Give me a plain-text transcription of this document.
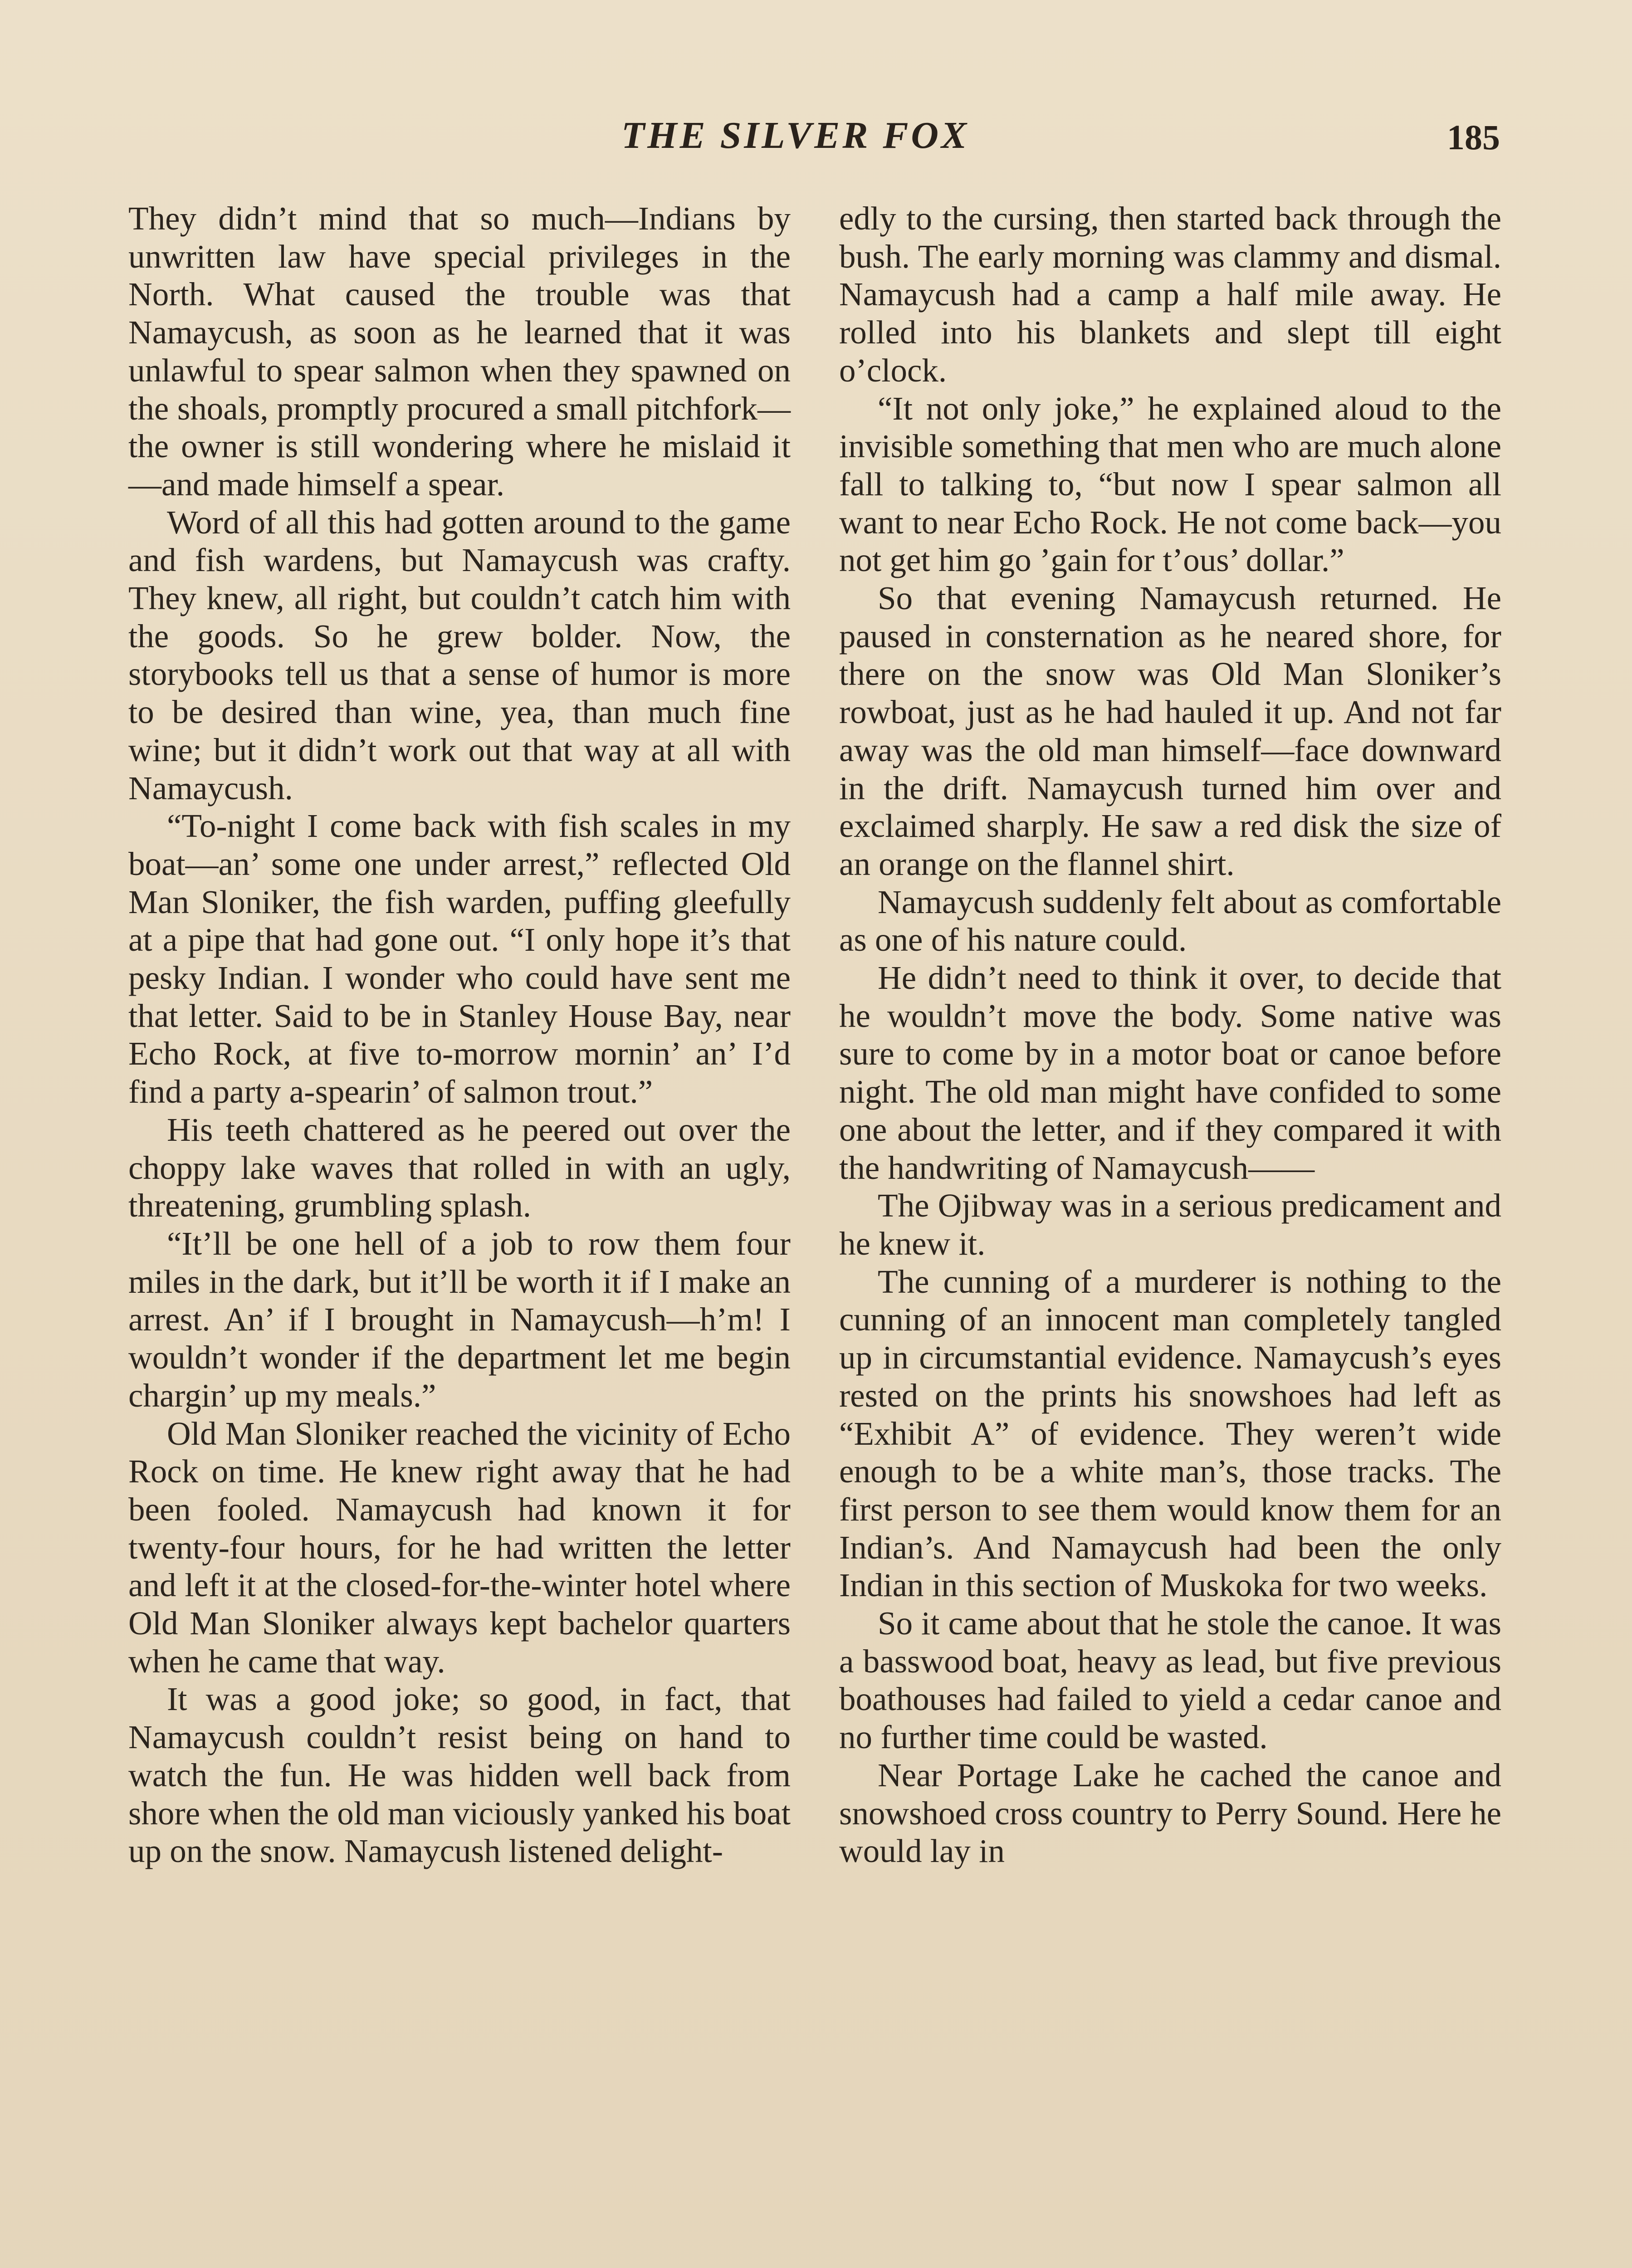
THE SILVER FOX	185

They didn’t mind that so much—Indians by unwritten law have special privileges in the North. What caused the trouble was that Namaycush, as soon as he learned that it was unlawful to spear salmon when they spawned on the shoals, promptly procured a small pitchfork—the owner is still wondering where he mislaid it—and made himself a spear.

Word of all this had gotten around to the game and fish wardens, but Namaycush was crafty. They knew, all right, but couldn’t catch him with the goods. So he grew bolder. Now, the storybooks tell us that a sense of humor is more to be desired than wine, yea, than much fine wine; but it didn’t work out that way at all with Namaycush.

“To-night I come back with fish scales in my boat—an’ some one under arrest,” reflected Old Man Sloniker, the fish warden, puffing gleefully at a pipe that had gone out. “I only hope it’s that pesky Indian. I wonder who could have sent me that letter. Said to be in Stanley House Bay, near Echo Rock, at five to-morrow mornin’ an’ I’d find a party a-spearin’ of salmon trout.”

His teeth chattered as he peered out over the choppy lake waves that rolled in with an ugly, threatening, grumbling splash.

“It’ll be one hell of a job to row them four miles in the dark, but it’ll be worth it if I make an arrest. An’ if I brought in Namaycush—h’m! I wouldn’t wonder if the department let me begin chargin’ up my meals.”

Old Man Sloniker reached the vicinity of Echo Rock on time. He knew right away that he had been fooled. Namaycush had known it for twenty-four hours, for he had written the letter and left it at the closed-for-the-winter hotel where Old Man Sloniker always kept bachelor quarters when he came that way.

It was a good joke; so good, in fact, that Namaycush couldn’t resist being on hand to watch the fun. He was hidden well back from shore when the old man viciously yanked his boat up on the snow. Namaycush listened delight-

edly to the cursing, then started back through the bush. The early morning was clammy and dismal. Namaycush had a camp a half mile away. He rolled into his blankets and slept till eight o’clock.

“It not only joke,” he explained aloud to the invisible something that men who are much alone fall to talking to, “but now I spear salmon all want to near Echo Rock. He not come back—you not get him go ’gain for t’ous’ dollar.”

So that evening Namaycush returned. He paused in consternation as he neared shore, for there on the snow was Old Man Sloniker’s rowboat, just as he had hauled it up. And not far away was the old man himself—face downward in the drift. Namaycush turned him over and exclaimed sharply. He saw a red disk the size of an orange on the flannel shirt.

Namaycush suddenly felt about as comfortable as one of his nature could.

He didn’t need to think it over, to decide that he wouldn’t move the body. Some native was sure to come by in a motor boat or canoe before night. The old man might have confided to some one about the letter, and if they compared it with the handwriting of Namaycush——

The Ojibway was in a serious predicament and he knew it.

The cunning of a murderer is nothing to the cunning of an innocent man completely tangled up in circumstantial evidence. Namaycush’s eyes rested on the prints his snowshoes had left as “Exhibit A” of evidence. They weren’t wide enough to be a white man’s, those tracks. The first person to see them would know them for an Indian’s. And Namaycush had been the only Indian in this section of Muskoka for two weeks.

So it came about that he stole the canoe. It was a basswood boat, heavy as lead, but five previous boathouses had failed to yield a cedar canoe and no further time could be wasted.

Near Portage Lake he cached the canoe and snowshoed cross country to Perry Sound. Here he would lay in
